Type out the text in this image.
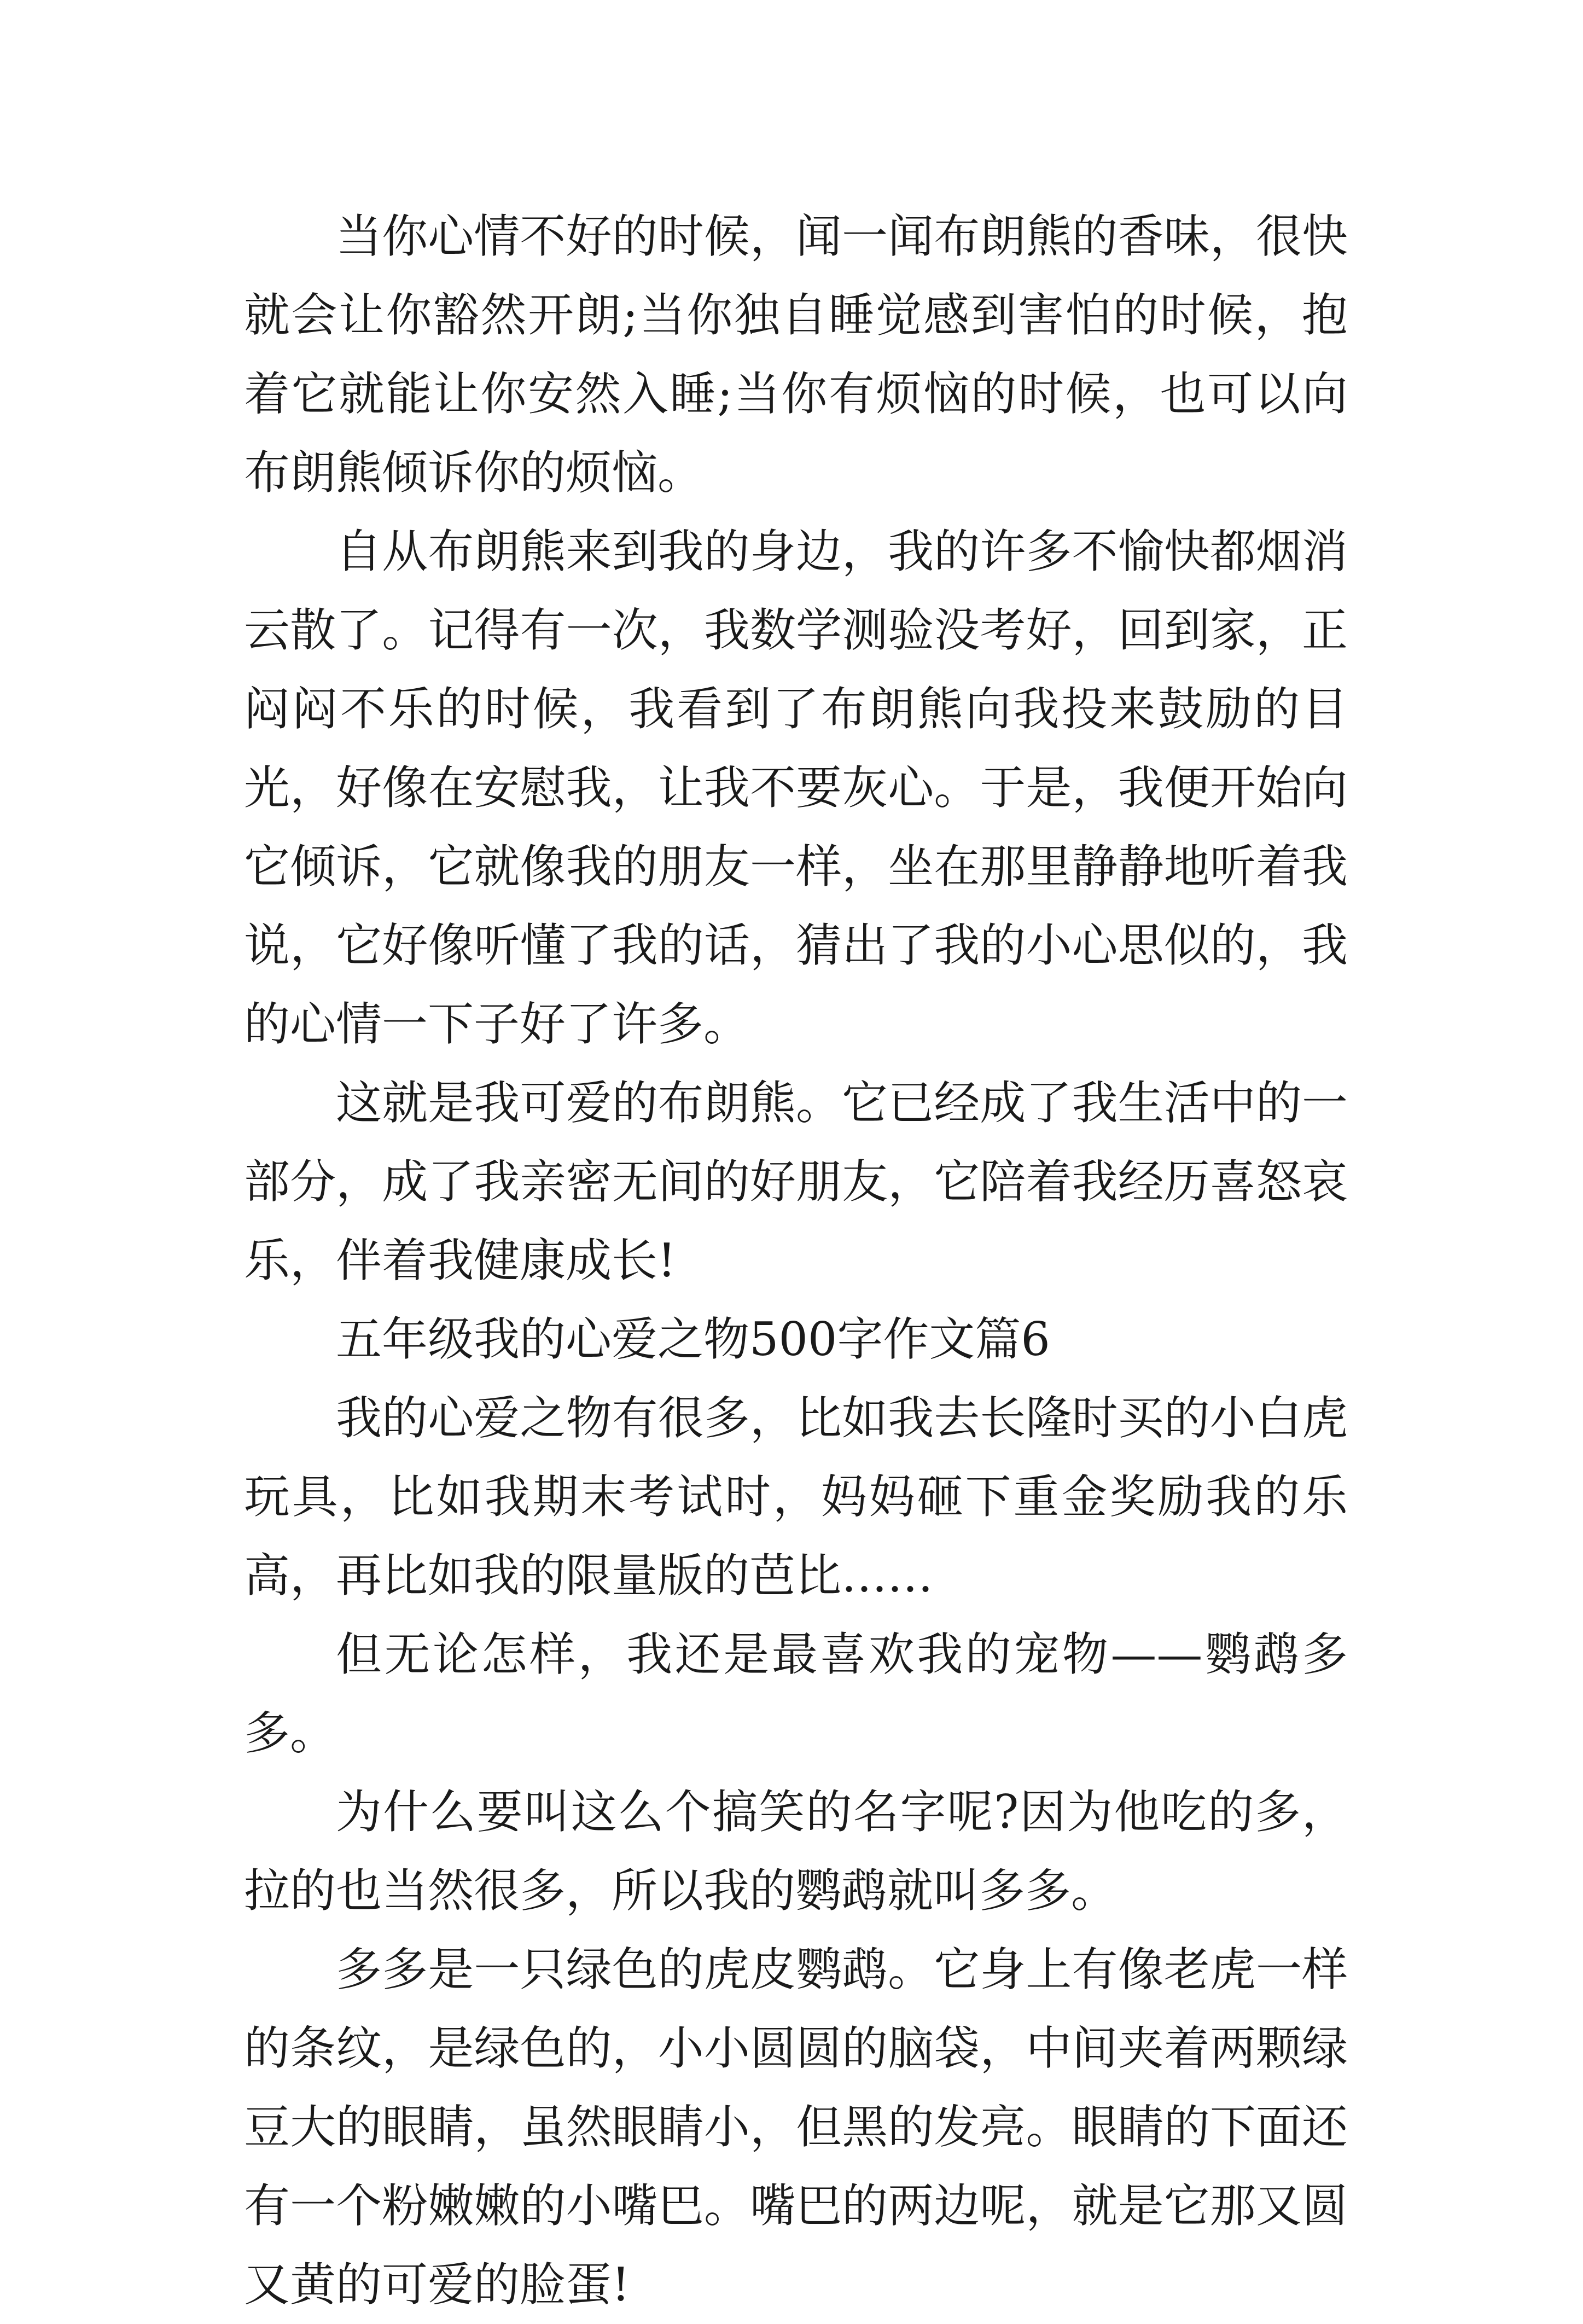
当你心情不好的时候，闻一闻布朗熊的香味，很快就会让你豁然开朗;当你独自睡觉感到害怕的时候，抱着它就能让你安然入睡;当你有烦恼的时候，也可以向布朗熊倾诉你的烦恼。

自从布朗熊来到我的身边，我的许多不愉快都烟消云散了。记得有一次，我数学测验没考好，回到家，正闷闷不乐的时候，我看到了布朗熊向我投来鼓励的目光，好像在安慰我，让我不要灰心。于是，我便开始向它倾诉，它就像我的朋友一样，坐在那里静静地听着我说，它好像听懂了我的话，猜出了我的小心思似的，我的心情一下子好了许多。

这就是我可爱的布朗熊。它已经成了我生活中的一部分，成了我亲密无间的好朋友，它陪着我经历喜怒哀乐，伴着我健康成长!

五年级我的心爱之物500字作文篇6

我的心爱之物有很多，比如我去长隆时买的小白虎玩具，比如我期末考试时，妈妈砸下重金奖励我的乐高，再比如我的限量版的芭比……

但无论怎样，我还是最喜欢我的宠物——鹦鹉多多。

为什么要叫这么个搞笑的名字呢?因为他吃的多，拉的也当然很多，所以我的鹦鹉就叫多多。

多多是一只绿色的虎皮鹦鹉。它身上有像老虎一样的条纹，是绿色的，小小圆圆的脑袋，中间夹着两颗绿豆大的眼睛，虽然眼睛小，但黑的发亮。眼睛的下面还有一个粉嫩嫩的小嘴巴。嘴巴的两边呢，就是它那又圆又黄的可爱的脸蛋!
